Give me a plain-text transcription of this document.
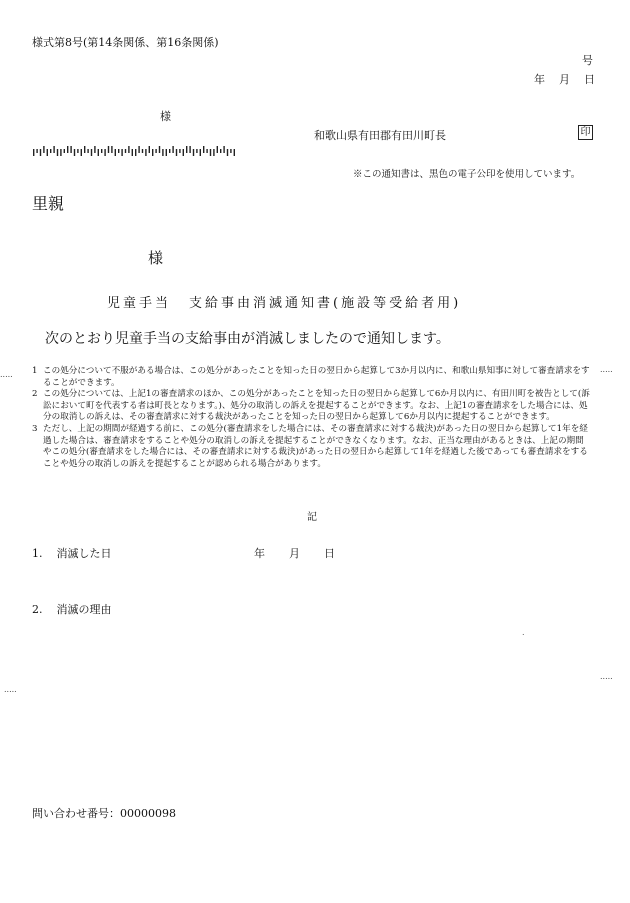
様式第8号(第14条関係、第16条関係)
号
年 月 日
様
和歌山県有田郡有田川町長	印
※この通知書は、黒色の電子公印を使用しています。
里親
様
児童手当 支給事由消滅通知書(施設等受給者用)
次のとおり児童手当の支給事由が消滅しましたので通知します。
.....
.....
.....
.....

1 この処分について不服がある場合は、この処分があったことを知った日の翌日から起算して3か月以内に、和歌山県知事に対して審査請求をすることができます。

2 この処分については、上記1の審査請求のほか、この処分があったことを知った日の翌日から起算して6か月以内に、有田川町を被告として(訴訟において町を代表する者は町長となります。)、処分の取消しの訴えを提起することができます。なお、上記1の審査請求をした場合には、処分の取消しの訴えは、その審査請求に対する裁決があったことを知った日の翌日から起算して6か月以内に提起することができます。

3 ただし、上記の期間が経過する前に、この処分(審査請求をした場合には、その審査請求に対する裁決)があった日の翌日から起算して1年を経過した場合は、審査請求をすることや処分の取消しの訴えを提起することができなくなります。なお、正当な理由があるときは、上記の期間やこの処分(審査請求をした場合には、その審査請求に対する裁決)があった日の翌日から起算して1年を経過した後であっても審査請求をすることや処分の取消しの訴えを提起することが認められる場合があります。

記
1. 消滅した日	年 月 日
2. 消滅の理由
.
問い合わせ番号：00000098
